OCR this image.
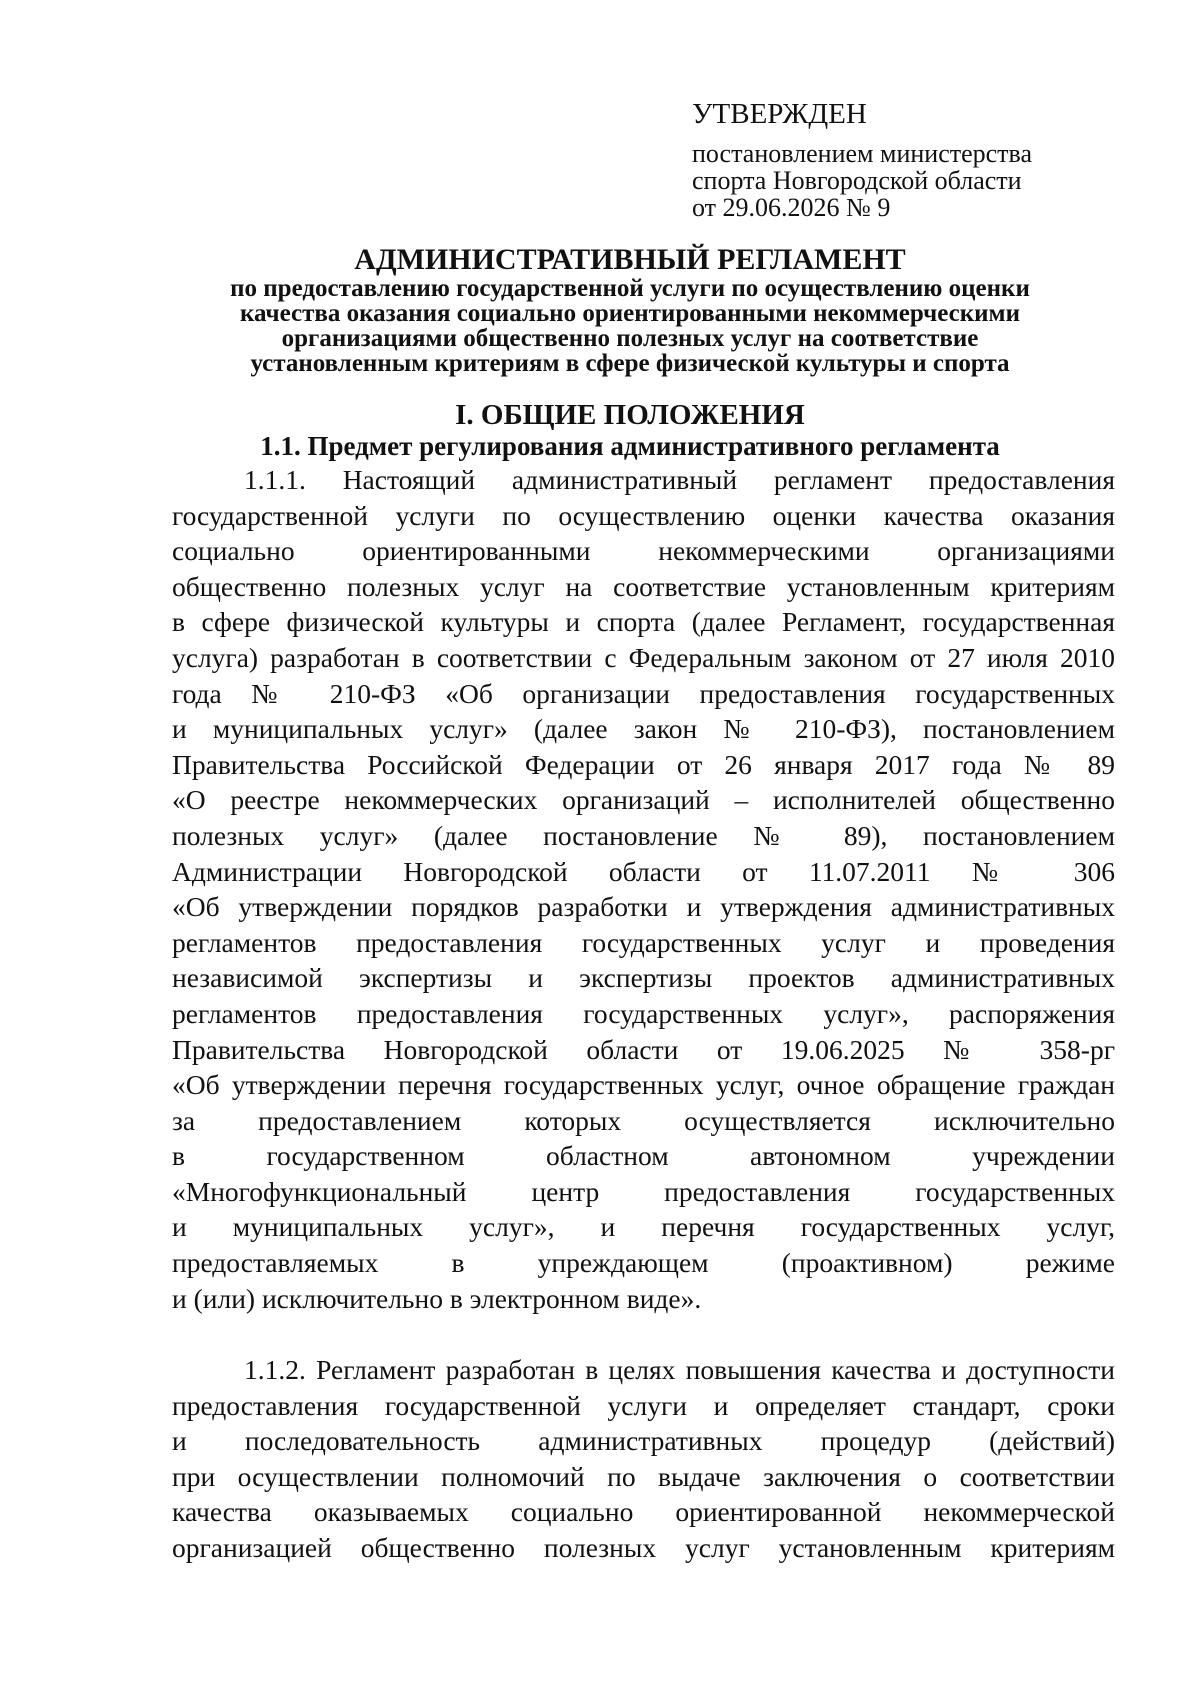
УТВЕРЖДЕН
постановлением министерства
спорта Новгородской области
от 29.06.2026 № 9
АДМИНИСТРАТИВНЫЙ РЕГЛАМЕНТ
по предоставлению государственной услуги по осуществлению оценки
качества оказания социально ориентированными некоммерческими
организациями общественно полезных услуг на соответствие
установленным критериям в сфере физической культуры и спорта
I. ОБЩИЕ ПОЛОЖЕНИЯ
1.1. Предмет регулирования административного регламента
1.1.1. Настоящий административный регламент предоставления
государственной услуги по осуществлению оценки качества оказания
социально ориентированными некоммерческими организациями
общественно полезных услуг на соответствие установленным критериям
в сфере физической культуры и спорта (далее Регламент, государственная
услуга) разработан в соответствии с Федеральным законом от 27 июля 2010
года № 210-ФЗ «Об организации предоставления государственных
и муниципальных услуг» (далее закон № 210-ФЗ), постановлением
Правительства Российской Федерации от 26 января 2017 года № 89
«О реестре некоммерческих организаций – исполнителей общественно
полезных услуг» (далее постановление № 89), постановлением
Администрации Новгородской области от 11.07.2011 № 306
«Об утверждении порядков разработки и утверждения административных
регламентов предоставления государственных услуг и проведения
независимой экспертизы и экспертизы проектов административных
регламентов предоставления государственных услуг», распоряжения
Правительства Новгородской области от 19.06.2025 № 358-рг
«Об утверждении перечня государственных услуг, очное обращение граждан
за предоставлением которых осуществляется исключительно
в государственном областном автономном учреждении
«Многофункциональный центр предоставления государственных
и муниципальных услуг», и перечня государственных услуг,
предоставляемых в упреждающем (проактивном) режиме
и (или) исключительно в электронном виде».
1.1.2. Регламент разработан в целях повышения качества и доступности
предоставления государственной услуги и определяет стандарт, сроки
и последовательность административных процедур (действий)
при осуществлении полномочий по выдаче заключения о соответствии
качества оказываемых социально ориентированной некоммерческой
организацией общественно полезных услуг установленным критериям
